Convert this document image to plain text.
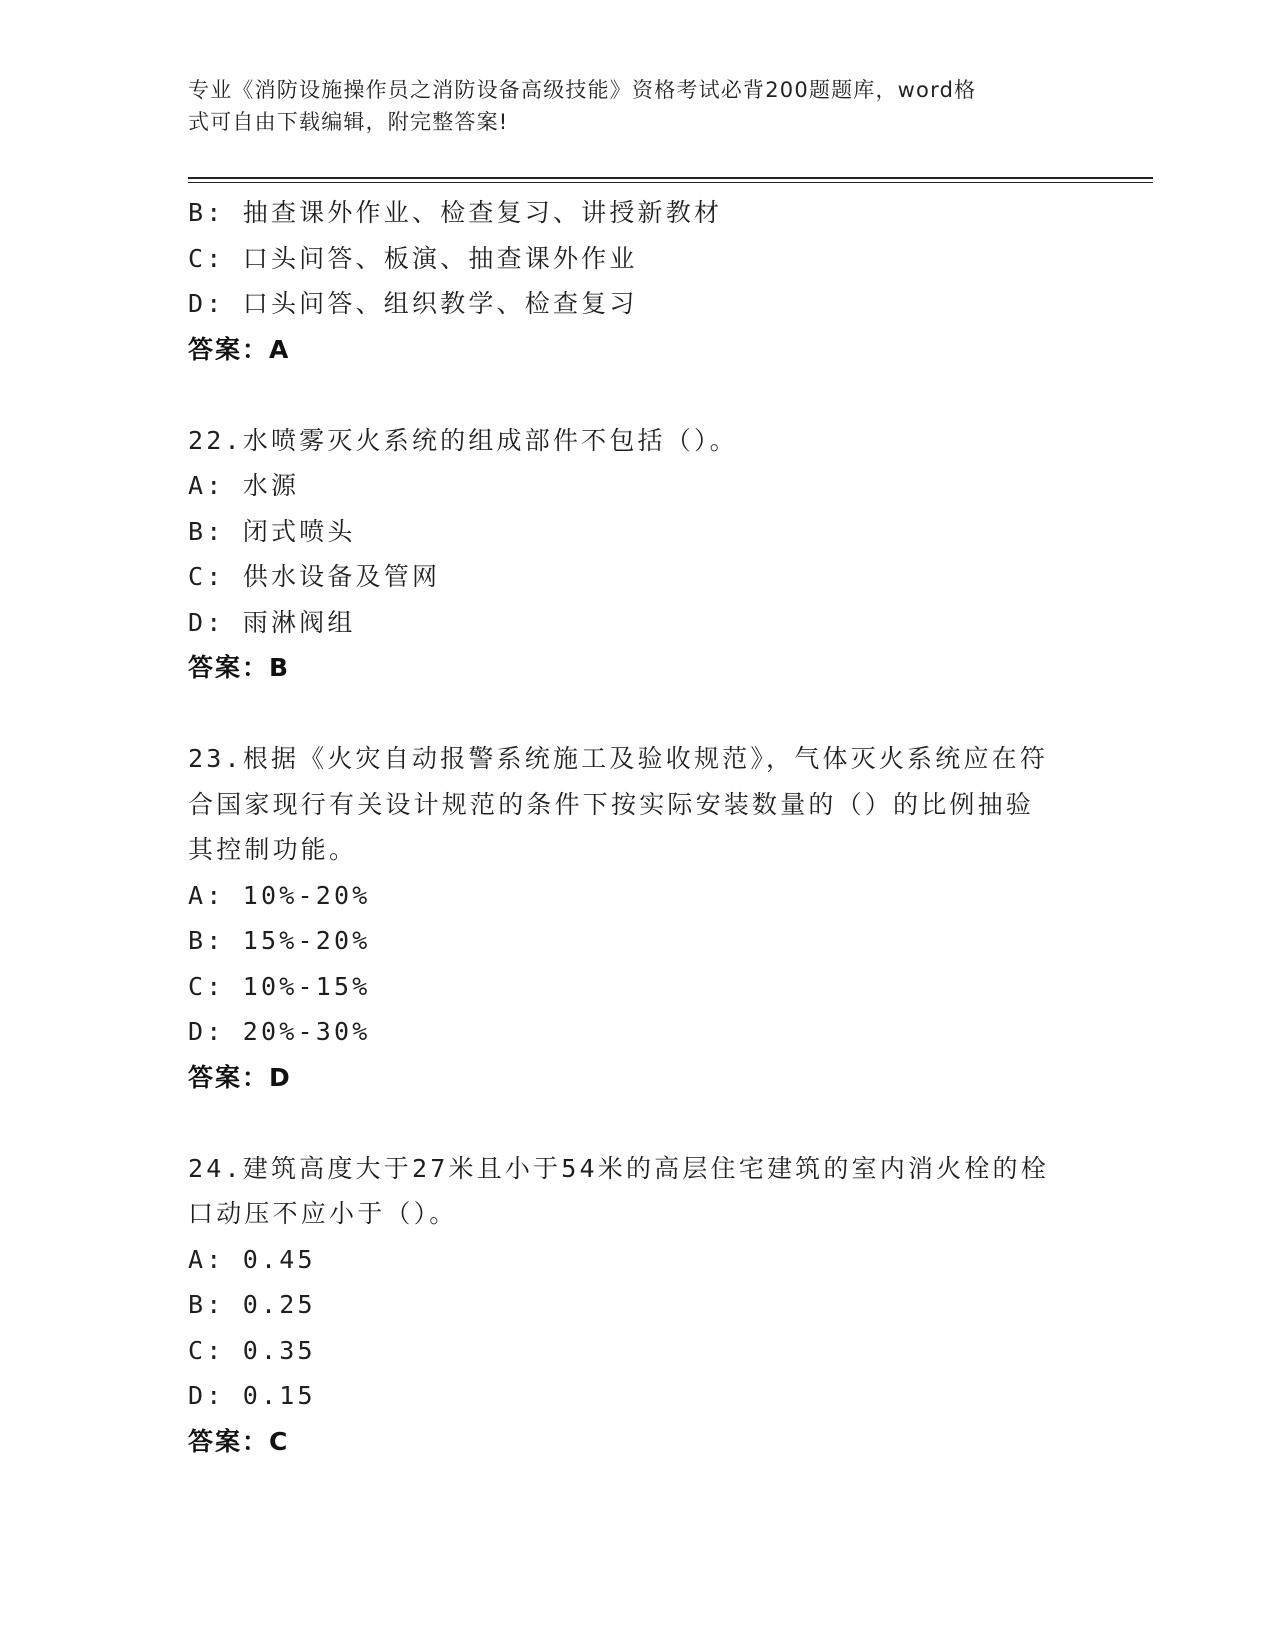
专业《消防设施操作员之消防设备高级技能》资格考试必背200题题库，word格
式可自由下载编辑，附完整答案!

B: 抽查课外作业、检查复习、讲授新教材

C: 口头问答、板演、抽查课外作业

D: 口头问答、组织教学、检查复习

答案：A

22.水喷雾灭火系统的组成部件不包括（）。

A: 水源

B: 闭式喷头

C: 供水设备及管网

D: 雨淋阀组

答案：B

23.根据《火灾自动报警系统施工及验收规范》，气体灭火系统应在符

合国家现行有关设计规范的条件下按实际安装数量的（）的比例抽验

其控制功能。

A: 10%-20%

B: 15%-20%

C: 10%-15%

D: 20%-30%

答案：D

24.建筑高度大于27米且小于54米的高层住宅建筑的室内消火栓的栓

口动压不应小于（）。

A: 0.45

B: 0.25

C: 0.35

D: 0.15

答案：C
